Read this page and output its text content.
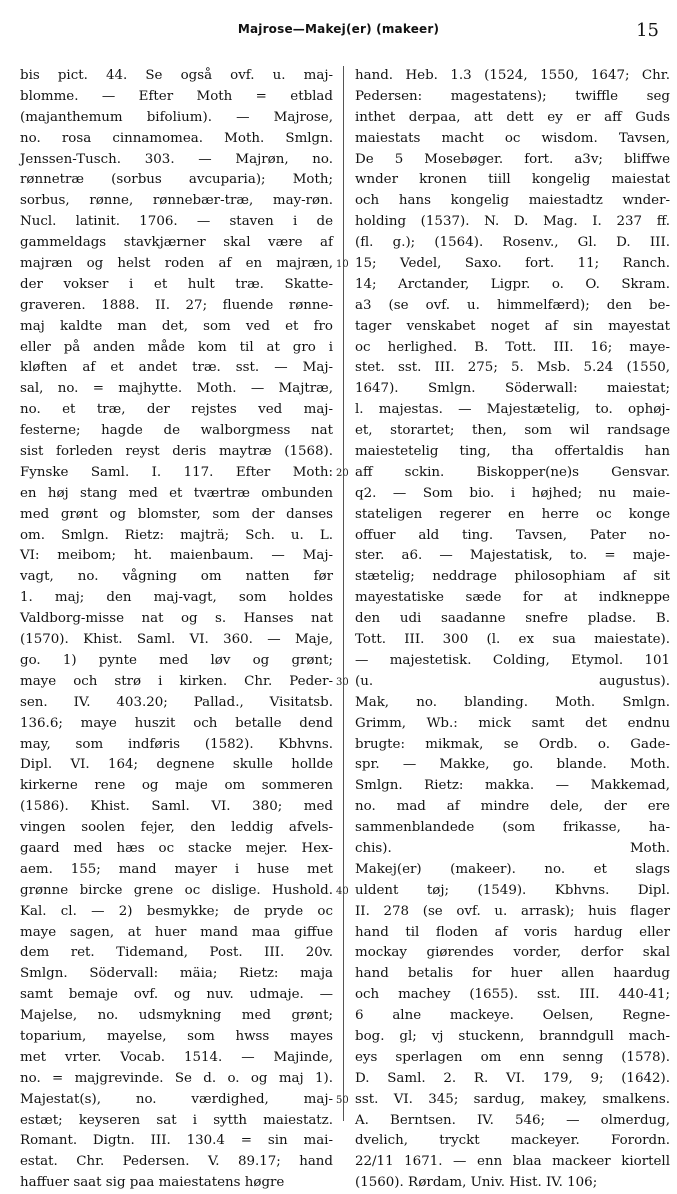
Majrose—Makej(er) (makeer)	15
bis pict. 44. Se også ovf. u. maj-
blomme. — Efter Moth = etblad
(majanthemum bifolium). — Majrose,
no. rosa cinnamomea. Moth. Smlgn.
Jenssen-Tusch. 303. — Majrøn, no.
rønnetræ (sorbus avcuparia); Moth;
sorbus, rønne, rønnebær-træ, may-røn.
Nucl. latinit. 1706. — staven i de
gammeldags stavkjærner skal være af
majræn og helst roden af en majræn,
der vokser i et hult træ. Skatte-
graveren. 1888. II. 27; fluende rønne-
maj kaldte man det, som ved et fro
eller på anden måde kom til at gro i
kløften af et andet træ. sst. — Maj-
sal, no. = majhytte. Moth. — Majtræ,
no. et træ, der rejstes ved maj-
festerne; hagde de walborgmess nat
sist forleden reyst deris maytræ (1568).
Fynske Saml. I. 117. Efter Moth:
en høj stang med et tværtræ ombunden
med grønt og blomster, som der danses
om. Smlgn. Rietz: majträ; Sch. u. L.
VI: meibom; ht. maienbaum. — Maj-
vagt, no. vågning om natten før
1. maj; den maj-vagt, som holdes
Valdborg-misse nat og s. Hanses nat
(1570). Khist. Saml. VI. 360. — Maje,
go. 1) pynte med løv og grønt;
maye och strø i kirken. Chr. Peder-
sen. IV. 403.20; Pallad., Visitatsb.
136.6; maye huszit och betalle dend
may, som indføris (1582). Kbhvns.
Dipl. VI. 164; degnene skulle hollde
kirkerne rene og maje om sommeren
(1586). Khist. Saml. VI. 380; med
vingen soolen fejer, den leddig afvels-
gaard med hæs oc stacke mejer. Hex-
aem. 155; mand mayer i huse met
grønne bircke grene oc dislige. Hushold.
Kal. cl. — 2) besmykke; de pryde oc
maye sagen, at huer mand maa giffue
dem ret. Tidemand, Post. III. 20v.
Smlgn. Södervall: mäia; Rietz: maja
samt bemaje ovf. og nuv. udmaje. —
Majelse, no. udsmykning med grønt;
toparium, mayelse, som hwss mayes
met vrter. Vocab. 1514. — Majinde,
no. = majgrevinde. Se d. o. og maj 1).
Majestat(s), no. værdighed, maj-
estæt; keyseren sat i sytth maiestatz.
Romant. Digtn. III. 130.4 = sin mai-
estat. Chr. Pedersen. V. 89.17; hand
haffuer saat sig paa maiestatens høgre
10
20
30
40
50
hand. Heb. 1.3 (1524, 1550, 1647; Chr.
Pedersen: magestatens); twiffle seg
inthet derpaa, att dett ey er aff Guds
maiestats macht oc wisdom. Tavsen,
De 5 Mosebøger. fort. a3v; bliffwe
wnder kronen tiill kongelig maiestat
och hans kongelig maiestadtz wnder-
holding (1537). N. D. Mag. I. 237 ff.
(fl. g.); (1564). Rosenv., Gl. D. III.
15; Vedel, Saxo. fort. 11; Ranch.
14; Arctander, Ligpr. o. O. Skram.
a3 (se ovf. u. himmelfærd); den be-
tager venskabet noget af sin mayestat
oc herlighed. B. Tott. III. 16; maye-
stet. sst. III. 275; 5. Msb. 5.24 (1550,
1647). Smlgn. Söderwall: maiestat;
l. majestas. — Majestætelig, to. ophøj-
et, storartet; then, som wil randsage
maiestetelig ting, tha offertaldis han
aff sckin. Biskopper(ne)s Gensvar.
q2. — Som bio. i højhed; nu maie-
stateligen regerer en herre oc konge
offuer ald ting. Tavsen, Pater no-
ster. a6. — Majestatisk, to. = maje-
stætelig; neddrage philosophiam af sit
mayestatiske sæde for at indkneppe
den udi saadanne snefre pladse. B.
Tott. III. 300 (l. ex sua maiestate).
— majestetisk. Colding, Etymol. 101
(u. augustus).
Mak, no. blanding. Moth. Smlgn.
Grimm, Wb.: mick samt det endnu
brugte: mikmak, se Ordb. o. Gade-
spr. — Makke, go. blande. Moth.
Smlgn. Rietz: makka. — Makkemad,
no. mad af mindre dele, der ere
sammenblandede (som frikasse, ha-
chis). Moth.
Makej(er) (makeer). no. et slags
uldent tøj; (1549). Kbhvns. Dipl.
II. 278 (se ovf. u. arrask); huis flager
hand til floden af voris hardug eller
mockay giørendes vorder, derfor skal
hand betalis for huer allen haardug
och machey (1655). sst. III. 440-41;
6 alne mackeye. Oelsen, Regne-
bog. gl; vj stuckenn, branndgull mach-
eys sperlagen om enn senng (1578).
D. Saml. 2. R. VI. 179, 9; (1642).
sst. VI. 345; sardug, makey, smalkens.
A. Berntsen. IV. 546; — olmerdug,
dvelich, tryckt mackeyer. Forordn.
22/11 1671. — enn blaa mackeer kiortell
(1560). Rørdam, Univ. Hist. IV. 106;
